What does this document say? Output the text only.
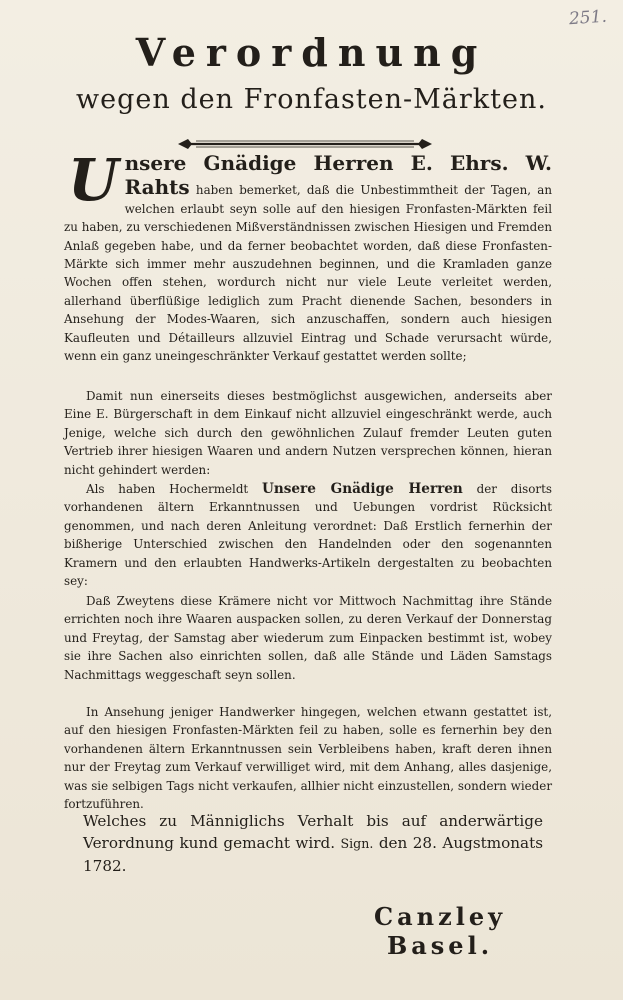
251.
Verordnung
wegen den Fronfasten-Märkten.
U nsere Gnädige Herren E. Ehrs. W. Rahts haben bemerket, daß die Unbestimmtheit der Tagen, an welchen erlaubt seyn solle auf den hiesigen Fronfasten-Märkten feil zu haben, zu verschiedenen Mißverständnissen zwischen Hiesigen und Fremden Anlaß gegeben habe, und da ferner beobachtet worden, daß diese Fronfasten-Märkte sich immer mehr auszudehnen beginnen, und die Kramladen ganze Wochen offen stehen, wordurch nicht nur viele Leute verleitet werden, allerhand überflüßige lediglich zum Pracht dienende Sachen, besonders in Ansehung der Modes-Waaren, sich anzuschaffen, sondern auch hiesigen Kaufleuten und Détailleurs allzuviel Eintrag und Schade verursacht würde, wenn ein ganz uneingeschränkter Verkauf gestattet werden sollte;
Damit nun einerseits dieses bestmöglichst ausgewichen, anderseits aber Eine E. Bürgerschaft in dem Einkauf nicht allzuviel eingeschränkt werde, auch Jenige, welche sich durch den gewöhnlichen Zulauf fremder Leuten guten Vertrieb ihrer hiesigen Waaren und andern Nutzen versprechen können, hieran nicht gehindert werden:
Als haben Hochermeldt Unsere Gnädige Herren der disorts vorhandenen ältern Erkanntnussen und Uebungen vordrist Rücksicht genommen, und nach deren Anleitung verordnet: Daß Erstlich fernerhin der bißherige Unterschied zwischen den Handelnden oder den sogenannten Kramern und den erlaubten Handwerks-Artikeln dergestalten zu beobachten sey:
Daß Zweytens diese Krämere nicht vor Mittwoch Nachmittag ihre Stände errichten noch ihre Waaren auspacken sollen, zu deren Verkauf der Donnerstag und Freytag, der Samstag aber wiederum zum Einpacken bestimmt ist, wobey sie ihre Sachen also einrichten sollen, daß alle Stände und Läden Samstags Nachmittags weggeschaft seyn sollen.
In Ansehung jeniger Handwerker hingegen, welchen etwann gestattet ist, auf den hiesigen Fronfasten-Märkten feil zu haben, solle es fernerhin bey den vorhandenen ältern Erkanntnussen sein Verbleibens haben, kraft deren ihnen nur der Freytag zum Verkauf verwilliget wird, mit dem Anhang, alles dasjenige, was sie selbigen Tags nicht verkaufen, allhier nicht einzustellen, sondern wieder fortzuführen.
Welches zu Männiglichs Verhalt bis auf anderwärtige Verordnung kund gemacht wird. Sign. den 28. Augstmonats 1782.
Canzley Basel.
